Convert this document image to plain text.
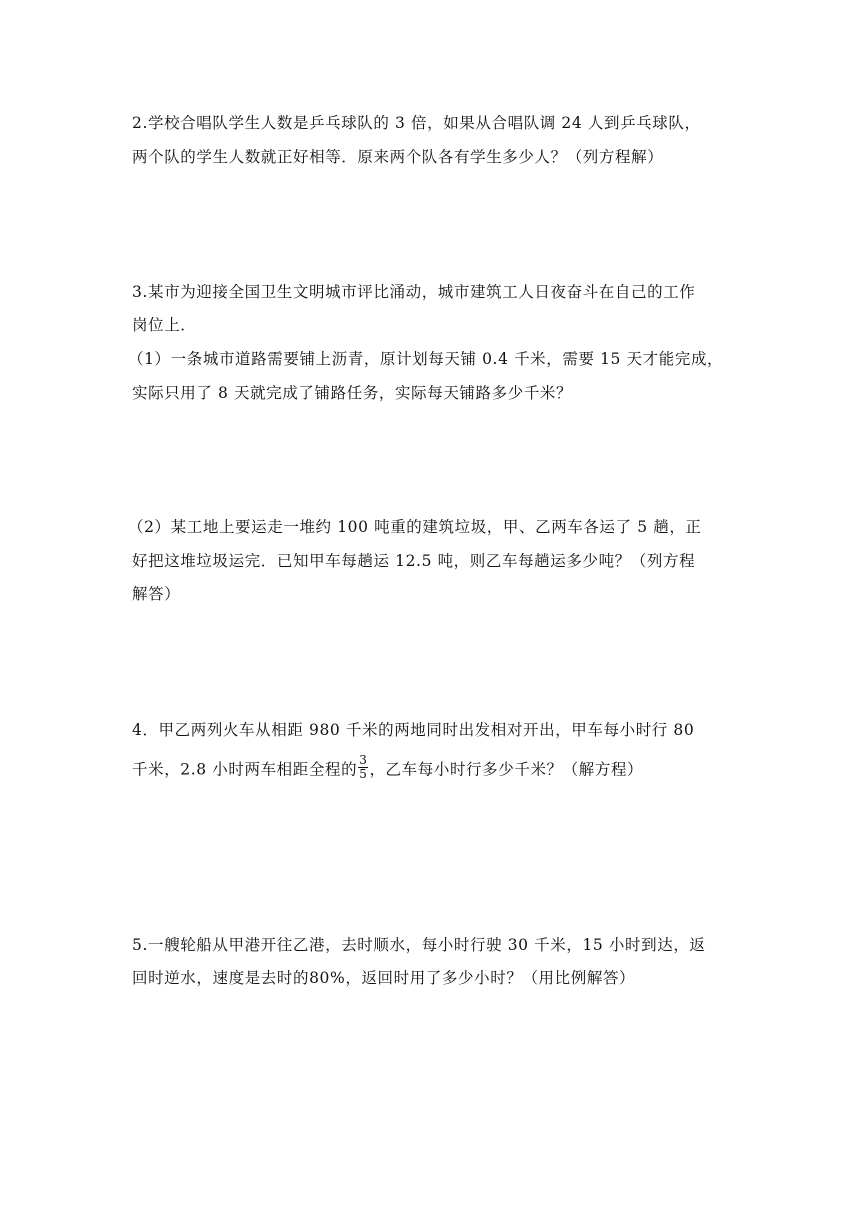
2.学校合唱队学生人数是乒乓球队的 3 倍，如果从合唱队调 24 人到乒乓球队，
两个队的学生人数就正好相等．原来两个队各有学生多少人？（列方程解）
3.某市为迎接全国卫生文明城市评比涌动，城市建筑工人日夜奋斗在自己的工作
岗位上．
（1）一条城市道路需要铺上沥青，原计划每天铺 0.4 千米，需要 15 天才能完成，
实际只用了 8 天就完成了铺路任务，实际每天铺路多少千米？
（2）某工地上要运走一堆约 100 吨重的建筑垃圾，甲、乙两车各运了 5 趟，正
好把这堆垃圾运完．已知甲车每趟运 12.5 吨，则乙车每趟运多少吨？（列方程
解答）
4．甲乙两列火车从相距 980 千米的两地同时出发相对开出，甲车每小时行 80
千米，2.8 小时两车相距全程的 $\frac{3}{5}$ ，乙车每小时行多少千米？（解方程）
5.一艘轮船从甲港开往乙港，去时顺水，每小时行驶 30 千米，15 小时到达，返
回时逆水，速度是去时的80%，返回时用了多少小时？（用比例解答）
